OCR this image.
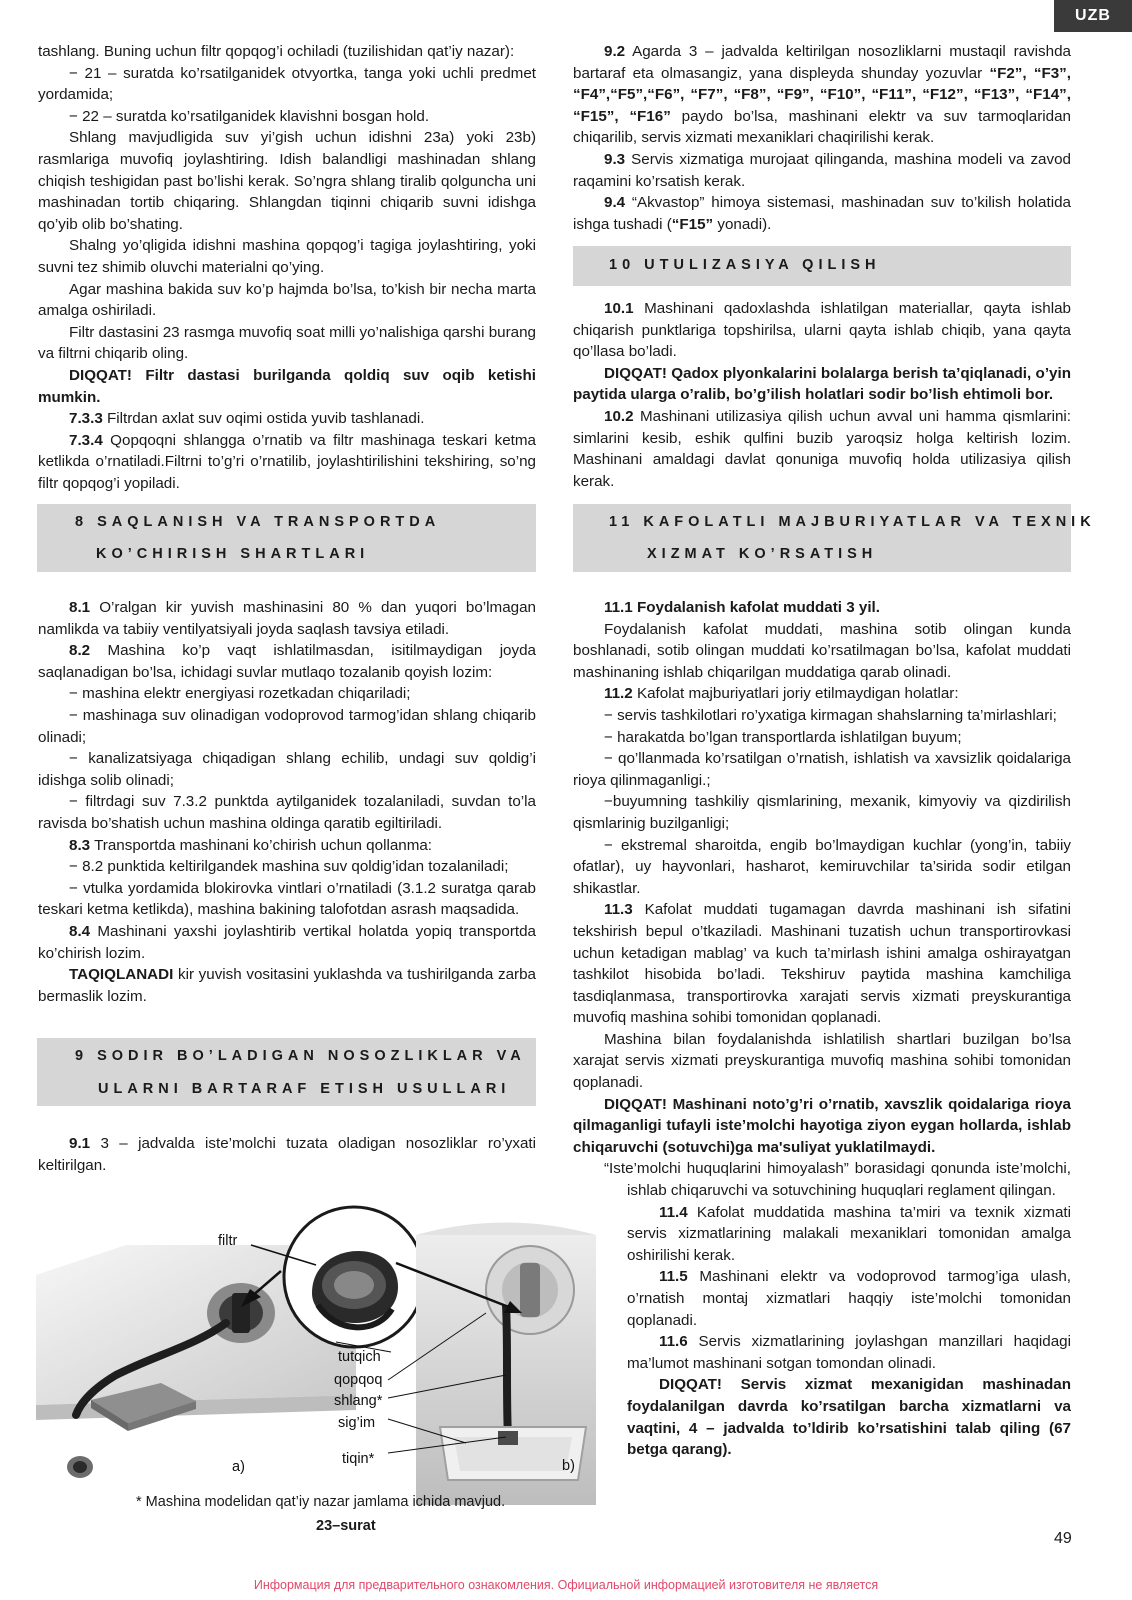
UZB

tashlang. Buning uchun filtr qopqog’i ochiladi (tuzilishidan qat’iy nazar):

− 21 – suratda ko’rsatilganidek otvyortka, tanga yoki uchli predmet yordamida;

− 22 – suratda ko’rsatilganidek klavishni bosgan hold.

Shlang mavjudligida suv yi’gish uchun idishni 23a) yoki 23b) rasmlariga muvofiq joylashtiring. Idish balandligi mashinadan shlang chiqish teshigidan past bo’lishi kerak. So’ngra shlang tiralib qolguncha uni mashinadan tortib chiqaring. Shlangdan tiqinni chiqarib suvni idishga qo’yib olib bo’shating.

Shalng yo’qligida idishni mashina qopqog’i tagiga joylashtiring, yoki suvni tez shimib oluvchi materialni qo’ying.

Agar mashina bakida suv ko’p hajmda bo’lsa, to’kish bir necha marta amalga oshiriladi.

Filtr dastasini 23 rasmga muvofiq soat milli yo’nalishiga qarshi burang va filtrni chiqarib oling.

DIQQAT! Filtr dastasi burilganda qoldiq suv oqib ketishi mumkin.

7.3.3 Filtrdan axlat suv oqimi ostida yuvib tashlanadi.

7.3.4 Qopqoqni shlangga o’rnatib va filtr mashinaga teskari ketma ketlikda o’rnatiladi.Filtrni to’g’ri o’rnatilib, joylashtirilishini tekshiring, so’ng filtr qopqog’i yopiladi.

8 SAQLANISH VA TRANSPORTDA
KO’CHIRISH SHARTLARI

8.1 O’ralgan kir yuvish mashinasini 80 % dan yuqori bo’lmagan namlikda va tabiiy ventilyatsiyali joyda saqlash tavsiya etiladi.

8.2 Mashina ko’p vaqt ishlatilmasdan, isitilmaydigan joyda saqlanadigan bo’lsa, ichidagi suvlar mutlaqo tozalanib qoyish lozim:

− mashina elektr energiyasi rozetkadan chiqariladi;

− mashinaga suv olinadigan vodoprovod tarmog’idan shlang chiqarib olinadi;

− kanalizatsiyaga chiqadigan shlang echilib, undagi suv qoldig’i idishga solib olinadi;

− filtrdagi suv 7.3.2 punktda aytilganidek tozalaniladi, suvdan to’la ravisda bo’shatish uchun mashina oldinga qaratib egiltiriladi.

8.3 Transportda mashinani ko’chirish uchun qollanma:

− 8.2 punktida keltirilgandek mashina suv qoldig’idan tozalaniladi;

− vtulka yordamida blokirovka vintlari o’rnatiladi (3.1.2 suratga qarab teskari ketma ketlikda), mashina bakining talofotdan asrash maqsadida.

8.4 Mashinani yaxshi joylashtirib vertikal holatda yopiq transportda ko’chirish lozim.

TAQIQLANADI kir yuvish vositasini yuklashda va tushirilganda zarba bermaslik lozim.

9 SODIR BO’LADIGAN NOSOZLIKLAR VA
ULARNI BARTARAF ETISH USULLARI

9.1 3 – jadvalda iste’molchi tuzata oladigan nosozliklar ro’yxati keltirilgan.

filtr
tutqich
qopqoq
shlang*
sig’im
tiqin*
a)	b)
* Mashina modelidan qat’iy nazar jamlama ichida mavjud.
23–surat

9.2 Agarda 3 – jadvalda keltirilgan nosozliklarni mustaqil ravishda bartaraf eta olmasangiz, yana displeyda shunday yozuvlar “F2”, “F3”, “F4”,“F5”,“F6”, “F7”, “F8”, “F9”, “F10”, “F11”, “F12”, “F13”, “F14”, “F15”, “F16” paydo bo’lsa, mashinani elektr va suv tarmoqlaridan chiqarilib, servis xizmati mexaniklari chaqirilishi kerak.

9.3 Servis xizmatiga murojaat qilinganda, mashina modeli va zavod raqamini ko’rsatish kerak.

9.4 “Akvastop” himoya sistemasi, mashinadan suv to’kilish holatida ishga tushadi (“F15” yonadi).

10 UTULIZASIYA QILISH

10.1 Mashinani qadoxlashda ishlatilgan materiallar, qayta ishlab chiqarish punktlariga topshirilsa, ularni qayta ishlab chiqib, yana qayta qo’llasa bo’ladi.

DIQQAT! Qadox plyonkalarini bolalarga berish ta’qiqlanadi, o’yin paytida ularga o’ralib, bo’g’ilish holatlari sodir bo’lish ehtimoli bor.

10.2 Mashinani utilizasiya qilish uchun avval uni hamma qismlarini: simlarini kesib, eshik qulfini buzib yaroqsiz holga keltirish lozim. Mashinani amaldagi davlat qonuniga muvofiq holda utilizasiya qilish kerak.

11 KAFOLATLI MAJBURIYATLAR VA TEXNIK
XIZMAT KO’RSATISH

11.1 Foydalanish kafolat muddati 3 yil.

Foydalanish kafolat muddati, mashina sotib olingan kunda boshlanadi, sotib olingan muddati ko’rsatilmagan bo’lsa, kafolat muddati mashinaning ishlab chiqarilgan muddatiga qarab olinadi.

11.2 Kafolat majburiyatlari joriy etilmaydigan holatlar:

− servis tashkilotlari ro’yxatiga kirmagan shahslarning ta’mirlashlari;

− harakatda bo’lgan transportlarda ishlatilgan buyum;

− qo’llanmada ko’rsatilgan o’rnatish, ishlatish va xavsizlik qoidalariga rioya qilinmaganligi.;

−buyumning tashkiliy qismlarining, mexanik, kimyoviy va qizdirilish qismlarinig buzilganligi;

− ekstremal sharoitda, engib bo’lmaydigan kuchlar (yong’in, tabiiy ofatlar), uy hayvonlari, hasharot, kemiruvchilar ta’sirida sodir etilgan shikastlar.

11.3 Kafolat muddati tugamagan davrda mashinani ish sifatini tekshirish bepul o’tkaziladi. Mashinani tuzatish uchun transportirovkasi uchun ketadigan mablag’ va kuch ta’mirlash ishini amalga oshirayatgan tashkilot hisobida bo’ladi. Tekshiruv paytida mashina kamchiliga tasdiqlanmasa, transportirovka xarajati servis xizmati preyskurantiga muvofiq mashina sohibi tomonidan qoplanadi.

Mashina bilan foydalanishda ishlatilish shartlari buzilgan bo’lsa xarajat servis xizmati preyskurantiga muvofiq mashina sohibi tomonidan qoplanadi.

DIQQAT! Mashinani noto’g’ri o’rnatib, xavszlik qoidalariga rioya qilmaganligi tufayli iste’molchi hayotiga ziyon eygan hollarda, ishlab chiqaruvchi (sotuvchi)ga ma'suliyat yuklatilmaydi.

“Iste’molchi huquqlarini himoyalash” borasidagi qonunda iste’molchi, ishlab chiqaruvchi va sotuvchining huquqlari reglament qilingan.

11.4 Kafolat muddatida mashina ta’miri va texnik xizmati servis xizmatlarining malakali mexaniklari tomonidan amalga oshirilishi kerak.

11.5 Mashinani elektr va vodoprovod tarmog’iga ulash, o’rnatish montaj xizmatlari haqqiy iste’molchi tomonidan qoplanadi.

11.6 Servis xizmatlarining joylashgan manzillari haqidagi ma’lumot mashinani sotgan tomondan olinadi.

DIQQAT! Servis xizmat mexanigidan mashinadan foydalanilgan davrda ko’rsatilgan barcha xizmatlarni va vaqtini, 4 – jadvalda to’ldirib ko’rsatishini talab qiling (67 betga qarang).

49
Информация для предварительного ознакомления. Официальной информацией изготовителя не является
